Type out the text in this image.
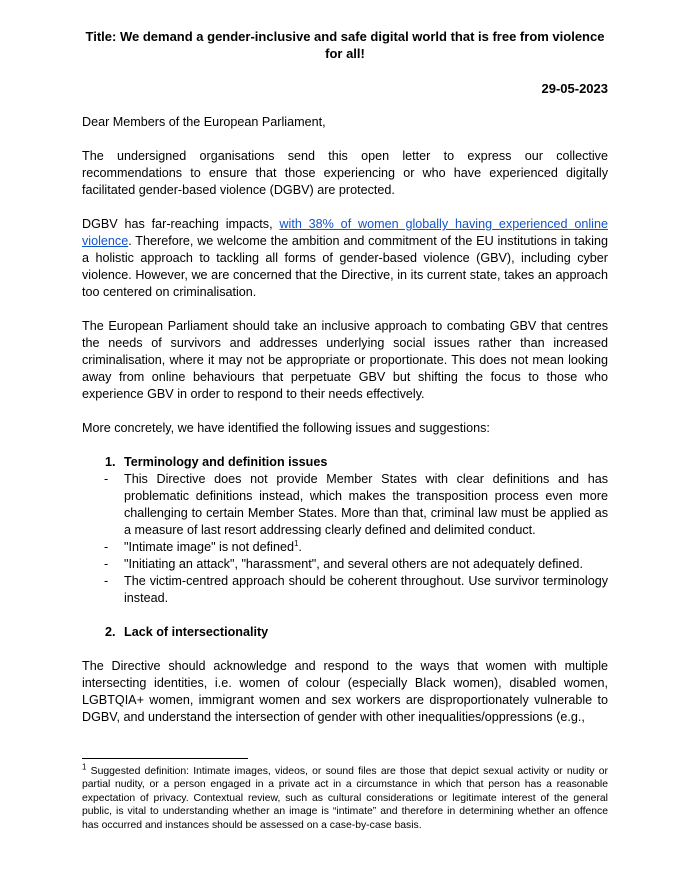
Title: We demand a gender-inclusive and safe digital world that is free from violence for all!

29-05-2023

Dear Members of the European Parliament,

The undersigned organisations send this open letter to express our collective recommendations to ensure that those experiencing or who have experienced digitally facilitated gender-based violence (DGBV) are protected.

DGBV has far-reaching impacts, with 38% of women globally having experienced online violence. Therefore, we welcome the ambition and commitment of the EU institutions in taking a holistic approach to tackling all forms of gender-based violence (GBV), including cyber violence. However, we are concerned that the Directive, in its current state, takes an approach too centered on criminalisation.

The European Parliament should take an inclusive approach to combating GBV that centres the needs of survivors and addresses underlying social issues rather than increased criminalisation, where it may not be appropriate or proportionate. This does not mean looking away from online behaviours that perpetuate GBV but shifting the focus to those who experience GBV in order to respond to their needs effectively.

More concretely, we have identified the following issues and suggestions:

1. Terminology and definition issues
- This Directive does not provide Member States with clear definitions and has problematic definitions instead, which makes the transposition process even more challenging to certain Member States. More than that, criminal law must be applied as a measure of last resort addressing clearly defined and delimited conduct.
- "Intimate image" is not defined$^1$.
- "Initiating an attack", "harassment", and several others are not adequately defined.
- The victim-centred approach should be coherent throughout. Use survivor terminology instead.
2. Lack of intersectionality

The Directive should acknowledge and respond to the ways that women with multiple intersecting identities, i.e. women of colour (especially Black women), disabled women, LGBTQIA+ women, immigrant women and sex workers are disproportionately vulnerable to DGBV, and understand the intersection of gender with other inequalities/oppressions (e.g.,

$^1$ Suggested definition: Intimate images, videos, or sound files are those that depict sexual activity or nudity or partial nudity, or a person engaged in a private act in a circumstance in which that person has a reasonable expectation of privacy. Contextual review, such as cultural considerations or legitimate interest of the general public, is vital to understanding whether an image is “intimate” and therefore in determining whether an offence has occurred and instances should be assessed on a case-by-case basis.
